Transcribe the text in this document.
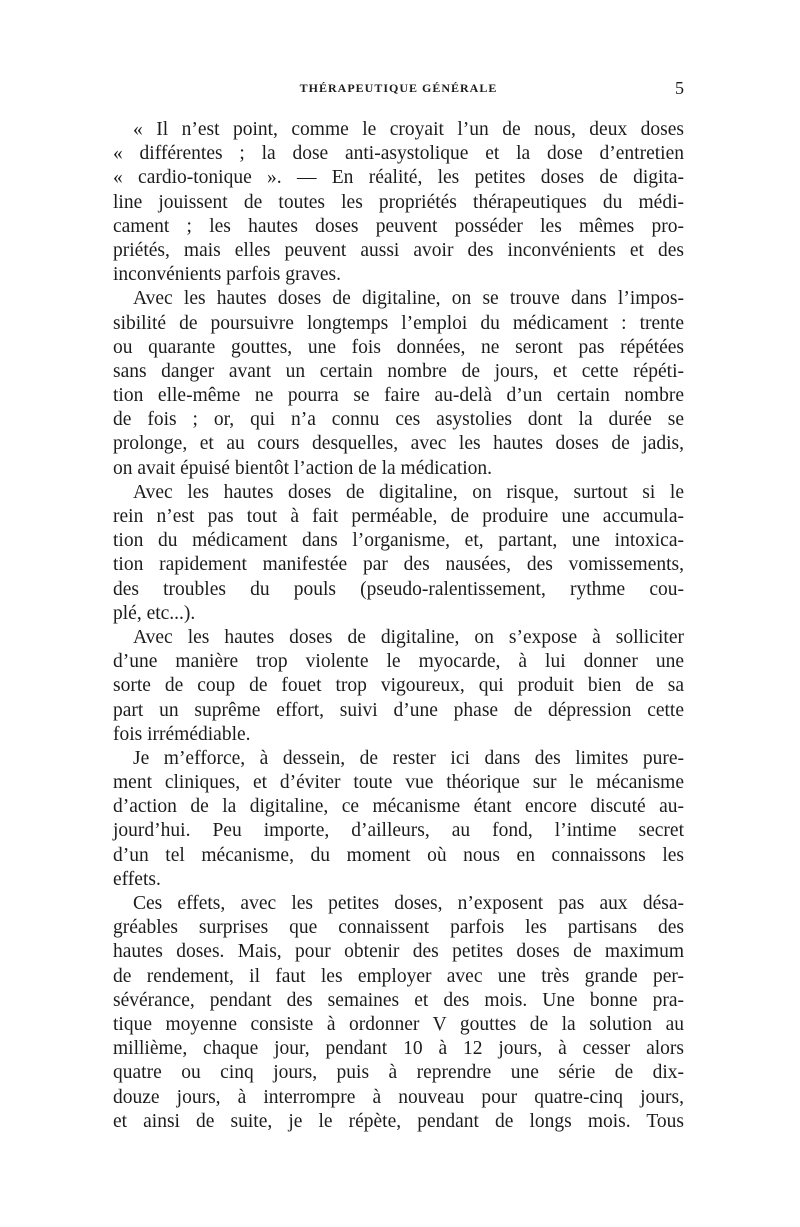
THÉRAPEUTIQUE GÉNÉRALE	5
« Il n’est point, comme le croyait l’un de nous, deux doses
« différentes ; la dose anti-asystolique et la dose d’entretien
« cardio-tonique ». — En réalité, les petites doses de digita-
line jouissent de toutes les propriétés thérapeutiques du médi-
cament ; les hautes doses peuvent posséder les mêmes pro-
priétés, mais elles peuvent aussi avoir des inconvénients et des
inconvénients parfois graves.
Avec les hautes doses de digitaline, on se trouve dans l’impos-
sibilité de poursuivre longtemps l’emploi du médicament : trente
ou quarante gouttes, une fois données, ne seront pas répétées
sans danger avant un certain nombre de jours, et cette répéti-
tion elle-même ne pourra se faire au-delà d’un certain nombre
de fois ; or, qui n’a connu ces asystolies dont la durée se
prolonge, et au cours desquelles, avec les hautes doses de jadis,
on avait épuisé bientôt l’action de la médication.
Avec les hautes doses de digitaline, on risque, surtout si le
rein n’est pas tout à fait perméable, de produire une accumula-
tion du médicament dans l’organisme, et, partant, une intoxica-
tion rapidement manifestée par des nausées, des vomissements,
des troubles du pouls (pseudo-ralentissement, rythme cou-
plé, etc...).
Avec les hautes doses de digitaline, on s’expose à solliciter
d’une manière trop violente le myocarde, à lui donner une
sorte de coup de fouet trop vigoureux, qui produit bien de sa
part un suprême effort, suivi d’une phase de dépression cette
fois irrémédiable.
Je m’efforce, à dessein, de rester ici dans des limites pure-
ment cliniques, et d’éviter toute vue théorique sur le mécanisme
d’action de la digitaline, ce mécanisme étant encore discuté au-
jourd’hui. Peu importe, d’ailleurs, au fond, l’intime secret
d’un tel mécanisme, du moment où nous en connaissons les
effets.
Ces effets, avec les petites doses, n’exposent pas aux désa-
gréables surprises que connaissent parfois les partisans des
hautes doses. Mais, pour obtenir des petites doses de maximum
de rendement, il faut les employer avec une très grande per-
sévérance, pendant des semaines et des mois. Une bonne pra-
tique moyenne consiste à ordonner V gouttes de la solution au
millième, chaque jour, pendant 10 à 12 jours, à cesser alors
quatre ou cinq jours, puis à reprendre une série de dix-
douze jours, à interrompre à nouveau pour quatre-cinq jours,
et ainsi de suite, je le répète, pendant de longs mois. Tous
